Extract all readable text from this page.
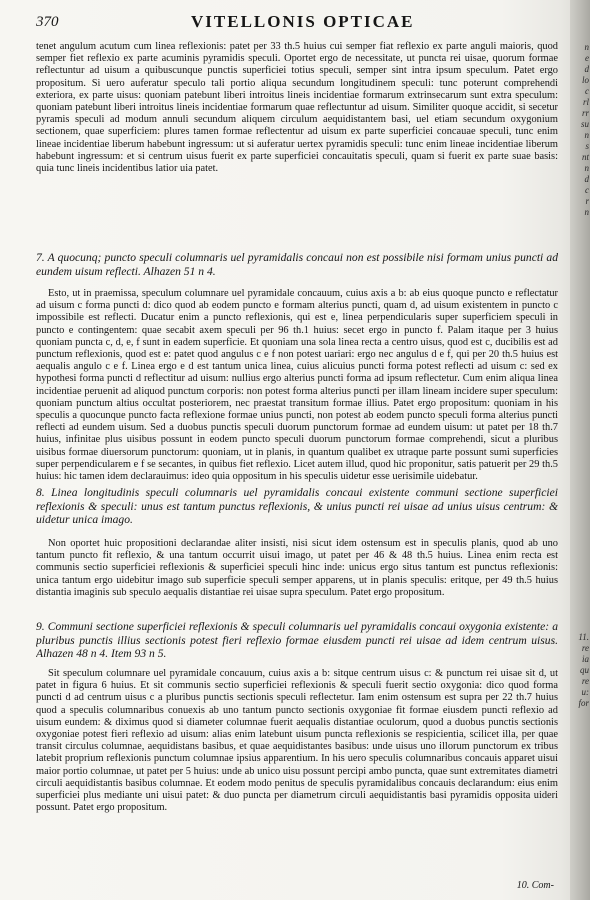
n
e
d
lo
c
rl
rr
su
n
s
nt
n
d
c
r
n
11.
re
ia
qu
re
u:
for
370	VITELLONIS OPTICAE
tenet angulum acutum cum linea reflexionis: patet per 33 th.5 huius cui semper fiat reflexio ex parte anguli maioris, quod semper fiet reflexio ex parte acuminis pyramidis speculi. Oportet ergo de necessitate, ut puncta rei uisae, quorum formae reflectuntur ad uisum a quibuscunque punctis superficiei totius speculi, semper sint intra ipsum speculum. Patet ergo propositum. Si uero auferatur speculo tali portio aliqua secundum longitudinem speculi: tunc poterunt comprehendi exteriora, ex parte uisus: quoniam patebunt liberi introitus lineis incidentiae formarum extrinsecarum sunt extra speculum: quoniam patebunt liberi introitus lineis incidentiae formarum quae reflectuntur ad uisum. Similiter quoque accidit, si secetur pyramis speculi ad modum annuli secundum aliquem circulum aequidistantem basi, uel etiam secundum oxygonium sectionem, quae superficiem: plures tamen formae reflectentur ad uisum ex parte superficiei concauae speculi, tunc enim lineae incidentiae liberum habebunt ingressum: ut si auferatur uertex pyramidis speculi: tunc enim lineae incidentiae liberum habebunt ingressum: et si centrum uisus fuerit ex parte superficiei concauitatis speculi, quam si fuerit ex parte suae basis: quia tunc lineis incidentibus latior uia patet.
7. A quocunq; puncto speculi columnaris uel pyramidalis concaui non est possibile nisi formam unius puncti ad eundem uisum reflecti. Alhazen 51 n 4.
Esto, ut in praemissa, speculum columnare uel pyramidale concauum, cuius axis a b: ab eius quoque puncto e reflectatur ad uisum c forma puncti d: dico quod ab eodem puncto e formam alterius puncti, quam d, ad uisum existentem in puncto c impossibile est reflecti. Ducatur enim a puncto reflexionis, qui est e, linea perpendicularis super superficiem speculi in puncto e contingentem: quae secabit axem speculi per 96 th.1 huius: secet ergo in puncto f. Palam itaque per 3 huius quoniam puncta c, d, e, f sunt in eadem superficie. Et quoniam una sola linea recta a centro uisus, quod est c, ducibilis est ad punctum reflexionis, quod est e: patet quod angulus c e f non potest uariari: ergo nec angulus d e f, qui per 20 th.5 huius est aequalis angulo c e f. Linea ergo e d est tantum unica linea, cuius alicuius puncti forma potest reflecti ad uisum c: sed ex hypothesi forma puncti d reflectitur ad uisum: nullius ergo alterius puncti forma ad ipsum reflectetur. Cum enim aliqua linea incidentiae peruenit ad aliquod punctum corporis: non potest forma alterius puncti per illam lineam incidere super speculum: quoniam punctum altius occultat posteriorem, nec praestat transitum formae illius. Patet ergo propositum: quoniam in his speculis a quocunque puncto facta reflexione formae unius puncti, non potest ab eodem puncto speculi forma alterius puncti reflecti ad eundem uisum. Sed a duobus punctis speculi duorum punctorum formae ad eundem uisum: ut patet per 18 th.7 huius, infinitae plus uisibus possunt in eodem puncto speculi duorum punctorum formae comprehendi, sicut a pluribus uisibus formae diuersorum punctorum: quoniam, ut in planis, in quantum qualibet ex utraque parte possunt sumi superficies super perpendicularem e f se secantes, in quibus fiet reflexio. Licet autem illud, quod hic proponitur, satis patuerit per 29 th.5 huius: hic tamen idem declarauimus: ideo quia oppositum in his speculis uidetur esse uerisimile uidebatur.
8. Linea longitudinis speculi columnaris uel pyramidalis concaui existente communi sectione superficiei reflexionis & speculi: unus est tantum punctus reflexionis, & unius puncti rei uisae ad unius uisus centrum: & uidetur unica imago.
Non oportet huic propositioni declarandae aliter insisti, nisi sicut idem ostensum est in speculis planis, quod ab uno tantum puncto fit reflexio, & una tantum occurrit uisui imago, ut patet per 46 & 48 th.5 huius. Linea enim recta est communis sectio superficiei reflexionis & superficiei speculi hinc inde: unicus ergo situs tantum est punctus reflexionis: unica tantum ergo uidebitur imago sub superficie speculi semper apparens, ut in planis speculis: eritque, per 49 th.5 huius distantia imaginis sub speculo aequalis distantiae rei uisae supra speculum. Patet ergo propositum.
9. Communi sectione superficiei reflexionis & speculi columnaris uel pyramidalis concaui oxygonia existente: a pluribus punctis illius sectionis potest fieri reflexio formae eiusdem puncti rei uisae ad idem centrum uisus. Alhazen 48 n 4. Item 93 n 5.
Sit speculum columnare uel pyramidale concauum, cuius axis a b: sitque centrum uisus c: & punctum rei uisae sit d, ut patet in figura 6 huius. Et sit communis sectio superficiei reflexionis & speculi fuerit sectio oxygonia: dico quod forma puncti d ad centrum uisus c a pluribus punctis sectionis speculi reflectetur. Iam enim ostensum est supra per 22 th.7 huius quod a speculis columnaribus conuexis ab uno tantum puncto sectionis oxygoniae fit formae eiusdem puncti reflexio ad uisum eundem: & diximus quod si diameter columnae fuerit aequalis distantiae oculorum, quod a duobus punctis sectionis oxygoniae potest fieri reflexio ad uisum: alias enim latebunt uisum puncta reflexionis se respicientia, scilicet illa, per quae transit circulus columnae, aequidistans basibus, et quae aequidistantes basibus: unde uisus uno illorum punctorum ex tribus latebit proprium reflexionis punctum columnae ipsius apparentium. In his uero speculis columnaribus concauis apparet uisui maior portio columnae, ut patet per 5 huius: unde ab unico uisu possunt percipi ambo puncta, quae sunt extremitates diametri circuli aequidistantis basibus columnae. Et eodem modo penitus de speculis pyramidalibus concauis declarandum: eius enim superficiei plus mediante uni uisui patet: & duo puncta per diametrum circuli aequidistantis basi pyramidis opposita uideri possunt. Patet ergo propositum.
10. Com-
